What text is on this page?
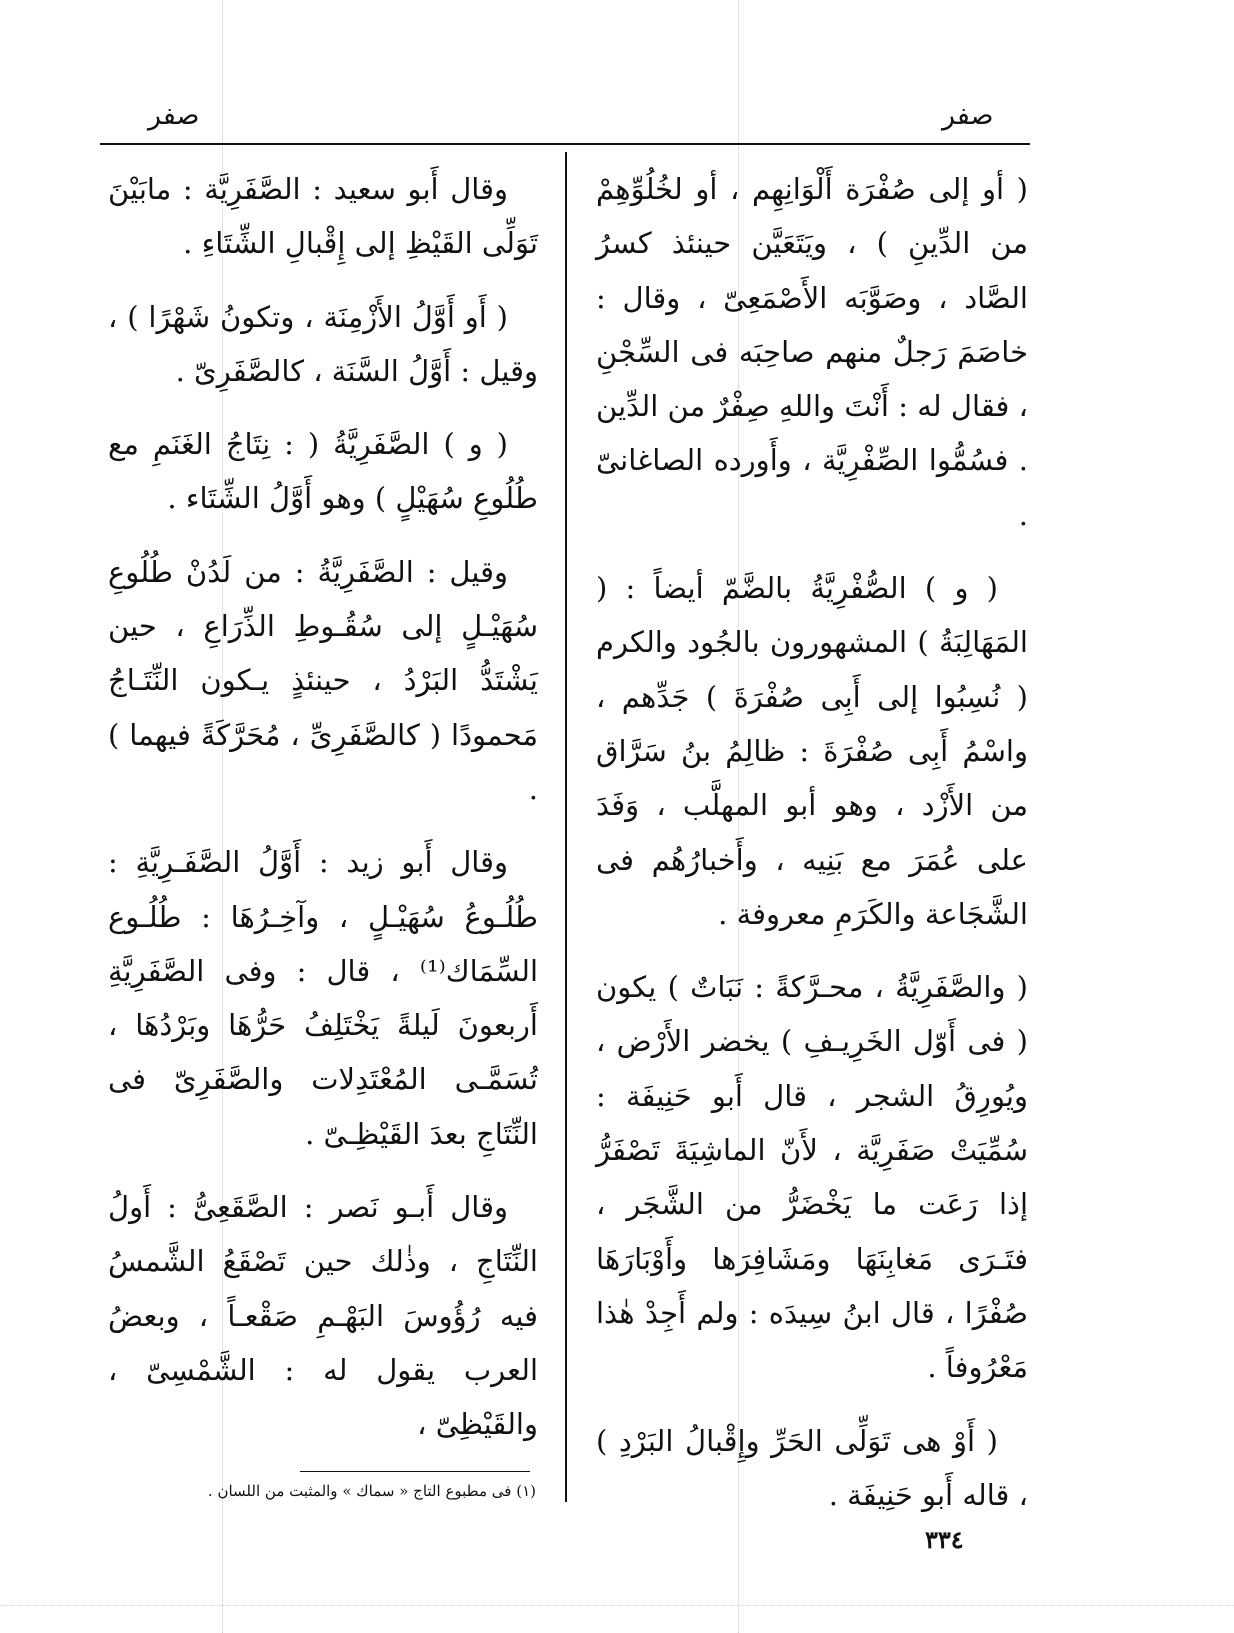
صفر	صفر

( أو إلى صُفْرَة أَلْوَانِهِم ، أو لخُلُوِّهِمْ من الدِّينِ ) ، ويَتَعَيَّن حينئذ كسرُ الصَّاد ، وصَوَّبَه الأَصْمَعِىّ ، وقال : خاصَمَ رَجلٌ منهم صاحِبَه فى السِّجْنِ ، فقال له : أَنْتَ واللهِ صِفْرٌ من الدِّين . فسُمُّوا الصِّفْرِيَّة ، وأَورده الصاغانىّ .

( و ) الصُّفْرِيَّةُ بالضَّمّ أيضاً : ( المَهَالِبَةُ ) المشهورون بالجُود والكرم ( نُسِبُوا إلى أَبِى صُفْرَةَ ) جَدِّهم ، واسْمُ أَبِى صُفْرَةَ : ظالِمُ بنُ سَرَّاق من الأَزْد ، وهو أبو المهلَّب ، وَفَدَ على عُمَرَ مع بَنِيه ، وأَخبارُهُم فى الشَّجَاعة والكَرَمِ معروفة .

( والصَّفَرِيَّةُ ، محـرَّكةً : نَبَاتٌ ) يكون ( فى أَوّل الخَرِيـفِ ) يخضر الأَرْض ، ويُورِقُ الشجر ، قال أَبو حَنِيفَة : سُمِّيَتْ صَفَرِيَّة ، لأَنّ الماشِيَةَ تَصْفَرُّ إذا رَعَت ما يَخْضَرُّ من الشَّجَر ، فتَـرَى مَغابِنَهَا ومَشَافِرَها وأَوْبَارَهَا صُفْرًا ، قال ابنُ سِيدَه : ولم أَجِدْ هٰذا مَعْرُوفاً .

( أَوْ هى تَوَلِّى الحَرِّ وإِقْبالُ البَرْدِ ) ، قاله أَبو حَنِيفَة .

وقال أَبو سعيد : الصَّفَرِيَّة : مابَيْنَ تَوَلِّى القَيْظِ إلى إِقْبالِ الشِّتَاءِ .

( أَو أَوَّلُ الأَزْمِنَة ، وتكونُ شَهْرًا ) ، وقيل : أَوَّلُ السَّنَة ، كالصَّفَرِىّ .

( و ) الصَّفَرِيَّةُ ( : نِتَاجُ الغَنَمِ مع طُلُوعِ سُهَيْلٍ ) وهو أَوَّلُ الشِّتَاء .

وقيل : الصَّفَرِيَّةُ : من لَدُنْ طُلُوعِ سُهَيْـلٍ إلى سُقُـوطِ الذِّرَاعِ ، حين يَشْتَدُّ البَرْدُ ، حينئذٍ يـكون النِّتَـاجُ مَحمودًا ( كالصَّفَرِىِّ ، مُحَرَّكَةً فيهما ) .

وقال أَبو زيد : أَوَّلُ الصَّفَـرِيَّةِ : طُلُـوعُ سُهَيْـلٍ ، وآخِـرُهَا : طُلُـوع السِّمَاك⁽¹⁾ ، قال : وفى الصَّفَرِيَّةِ أَربعونَ لَيلةً يَخْتَلِفُ حَرُّهَا وبَرْدُهَا ، تُسَمَّـى المُعْتَدِلات والصَّفَرِىّ فى النِّتَاجِ بعدَ القَيْظِـىّ .

وقال أَبـو نَصر : الصَّقَعِىُّ : أَولُ النِّتَاجِ ، وذٰلك حين تَصْقَعُ الشَّمسُ فيه رُؤُوسَ البَهْـمِ صَقْعـاً ، وبعضُ العرب يقول له : الشَّمْسِىّ ، والقَيْظِىّ ،

(١) فى مطبوع التاج « سماك » والمثبت من اللسان .
٣٣٤
